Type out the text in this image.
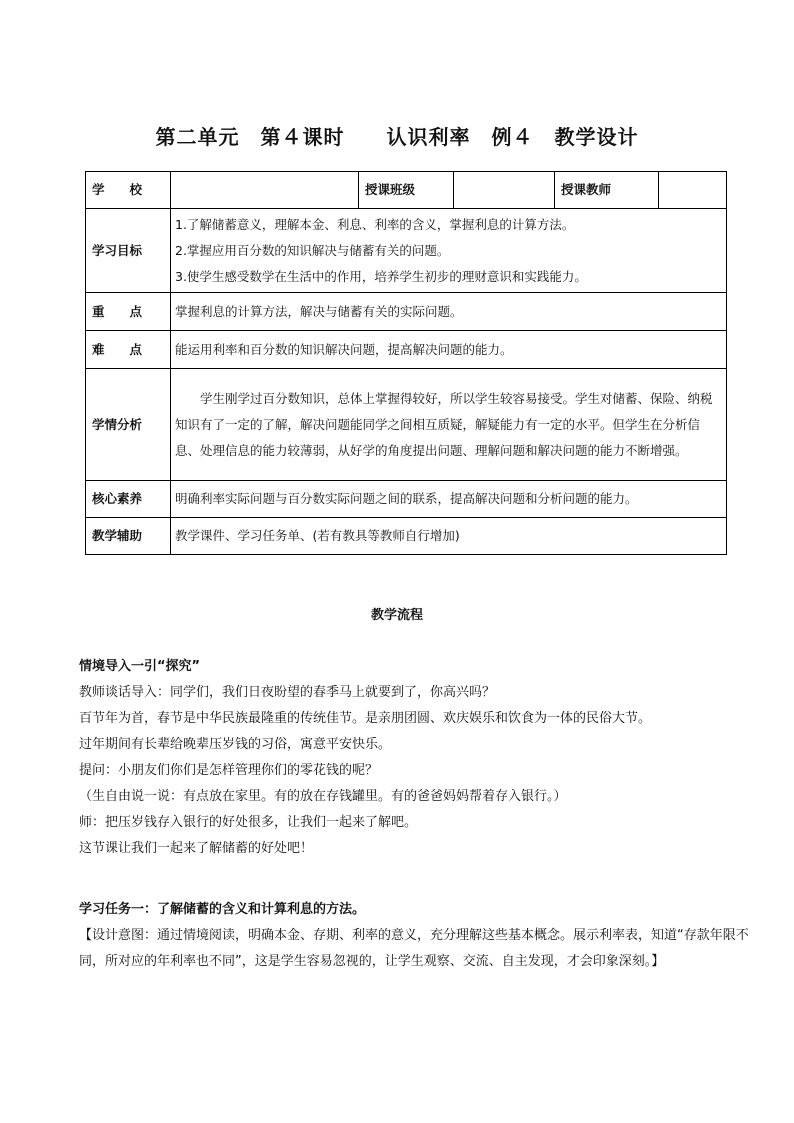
第二单元　第４课时　　认识利率　例４　教学设计
学　　校		授课班级		授课教师	
学习目标	1.了解储蓄意义，理解本金、利息、利率的含义，掌握利息的计算方法。
2.掌握应用百分数的知识解决与储蓄有关的问题。
3.使学生感受数学在生活中的作用，培养学生初步的理财意识和实践能力。				

重　　点	掌握利息的计算方法，解决与储蓄有关的实际问题。				
难　　点	能运用利率和百分数的知识解决问题，提高解决问题的能力。				
学情分析	学生刚学过百分数知识，总体上掌握得较好，所以学生较容易接受。学生对储蓄、保险、纳税知识有了一定的了解，解决问题能同学之间相互质疑，解疑能力有一定的水平。但学生在分析信息、处理信息的能力较薄弱，从好学的角度提出问题、理解问题和解决问题的能力不断增强。				
核心素养	明确利率实际问题与百分数实际问题之间的联系，提高解决问题和分析问题的能力。				
教学辅助	教学课件、学习任务单、(若有教具等教师自行增加)				
教学流程

情境导入一引“探究”

教师谈话导入：同学们，我们日夜盼望的春季马上就要到了，你高兴吗？

百节年为首，春节是中华民族最隆重的传统佳节。是亲朋团圆、欢庆娱乐和饮食为一体的民俗大节。

过年期间有长辈给晚辈压岁钱的习俗，寓意平安快乐。

提问：小朋友们你们是怎样管理你们的零花钱的呢？

（生自由说一说：有点放在家里。有的放在存钱罐里。有的爸爸妈妈帮着存入银行。）

师：把压岁钱存入银行的好处很多，让我们一起来了解吧。

这节课让我们一起来了解储蓄的好处吧！

学习任务一：了解储蓄的含义和计算利息的方法。

【设计意图：通过情境阅读，明确本金、存期、利率的意义，充分理解这些基本概念。展示利率表，知道“存款年限不同，所对应的年利率也不同”，这是学生容易忽视的，让学生观察、交流、自主发现，才会印象深刻。】
